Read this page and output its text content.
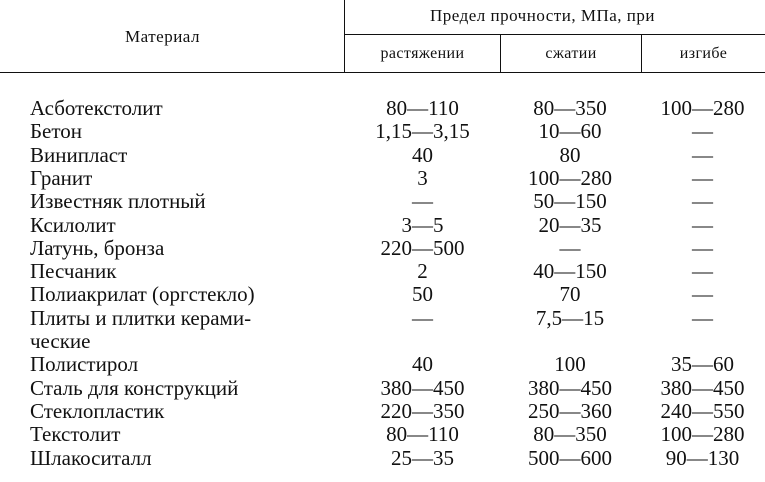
Материал
Предел прочности, МПа, при
растяжении	сжатии	изгибе
Асботекстолит	80—110	80—350	100—280
Бетон	1,15—3,15	10—60	—
Винипласт	40	80	—
Гранит	3	100—280	—
Известняк плотный	—	50—150	—
Ксилолит	3—5	20—35	—
Латунь, бронза	220—500	—	—
Песчаник	2	40—150	—
Полиакрилат (оргстекло)	50	70	—
Плиты и плитки керами-	—	7,5—15	—
ческие
Полистирол	40	100	35—60
Сталь для конструкций	380—450	380—450	380—450
Стеклопластик	220—350	250—360	240—550
Текстолит	80—110	80—350	100—280
Шлакоситалл	25—35	500—600	90—130
